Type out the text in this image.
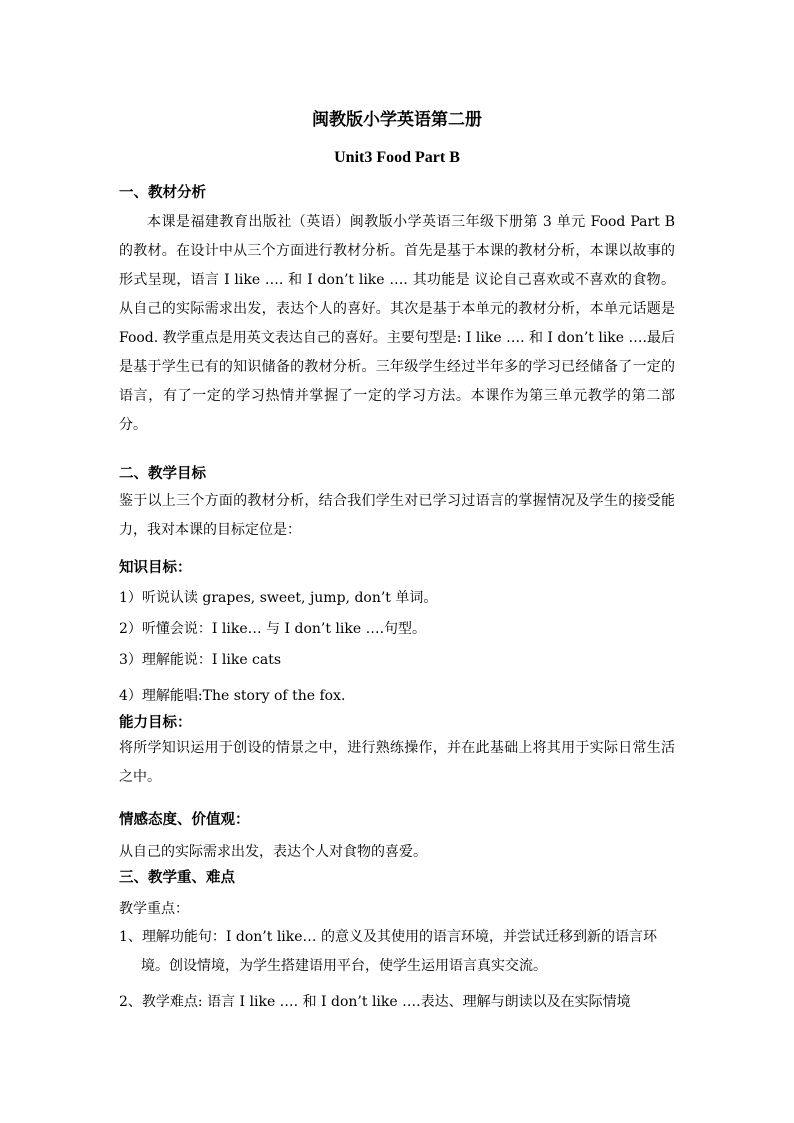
闽教版小学英语第二册
Unit3 Food Part B
一、教材分析
本课是福建教育出版社（英语）闽教版小学英语三年级下册第 3 单元 Food Part B 的教材。在设计中从三个方面进行教材分析。首先是基于本课的教材分析，本课以故事的形式呈现，语言 I like …. 和 I don’t like …. 其功能是 议论自己喜欢或不喜欢的食物。从自己的实际需求出发，表达个人的喜好。其次是基于本单元的教材分析，本单元话题是 Food. 教学重点是用英文表达自己的喜好。主要句型是: I like …. 和 I don’t like ….最后是基于学生已有的知识储备的教材分析。三年级学生经过半年多的学习已经储备了一定的语言，有了一定的学习热情并掌握了一定的学习方法。本课作为第三单元教学的第二部分。
二、教学目标
鉴于以上三个方面的教材分析，结合我们学生对已学习过语言的掌握情况及学生的接受能力，我对本课的目标定位是：
知识目标：
1）听说认读 grapes, sweet, jump, don’t 单词。
2）听懂会说：I like… 与 I don’t like ….句型。
3）理解能说：I like cats
4）理解能唱:The story of the fox.
能力目标：
将所学知识运用于创设的情景之中，进行熟练操作，并在此基础上将其用于实际日常生活之中。
情感态度、价值观：
从自己的实际需求出发，表达个人对食物的喜爱。
三、教学重、难点
教学重点：
1、理解功能句：I don’t like… 的意义及其使用的语言环境，并尝试迁移到新的语言环境。创设情境，为学生搭建语用平台，使学生运用语言真实交流。
2、教学难点: 语言 I like …. 和 I don’t like ….表达、理解与朗读以及在实际情境
